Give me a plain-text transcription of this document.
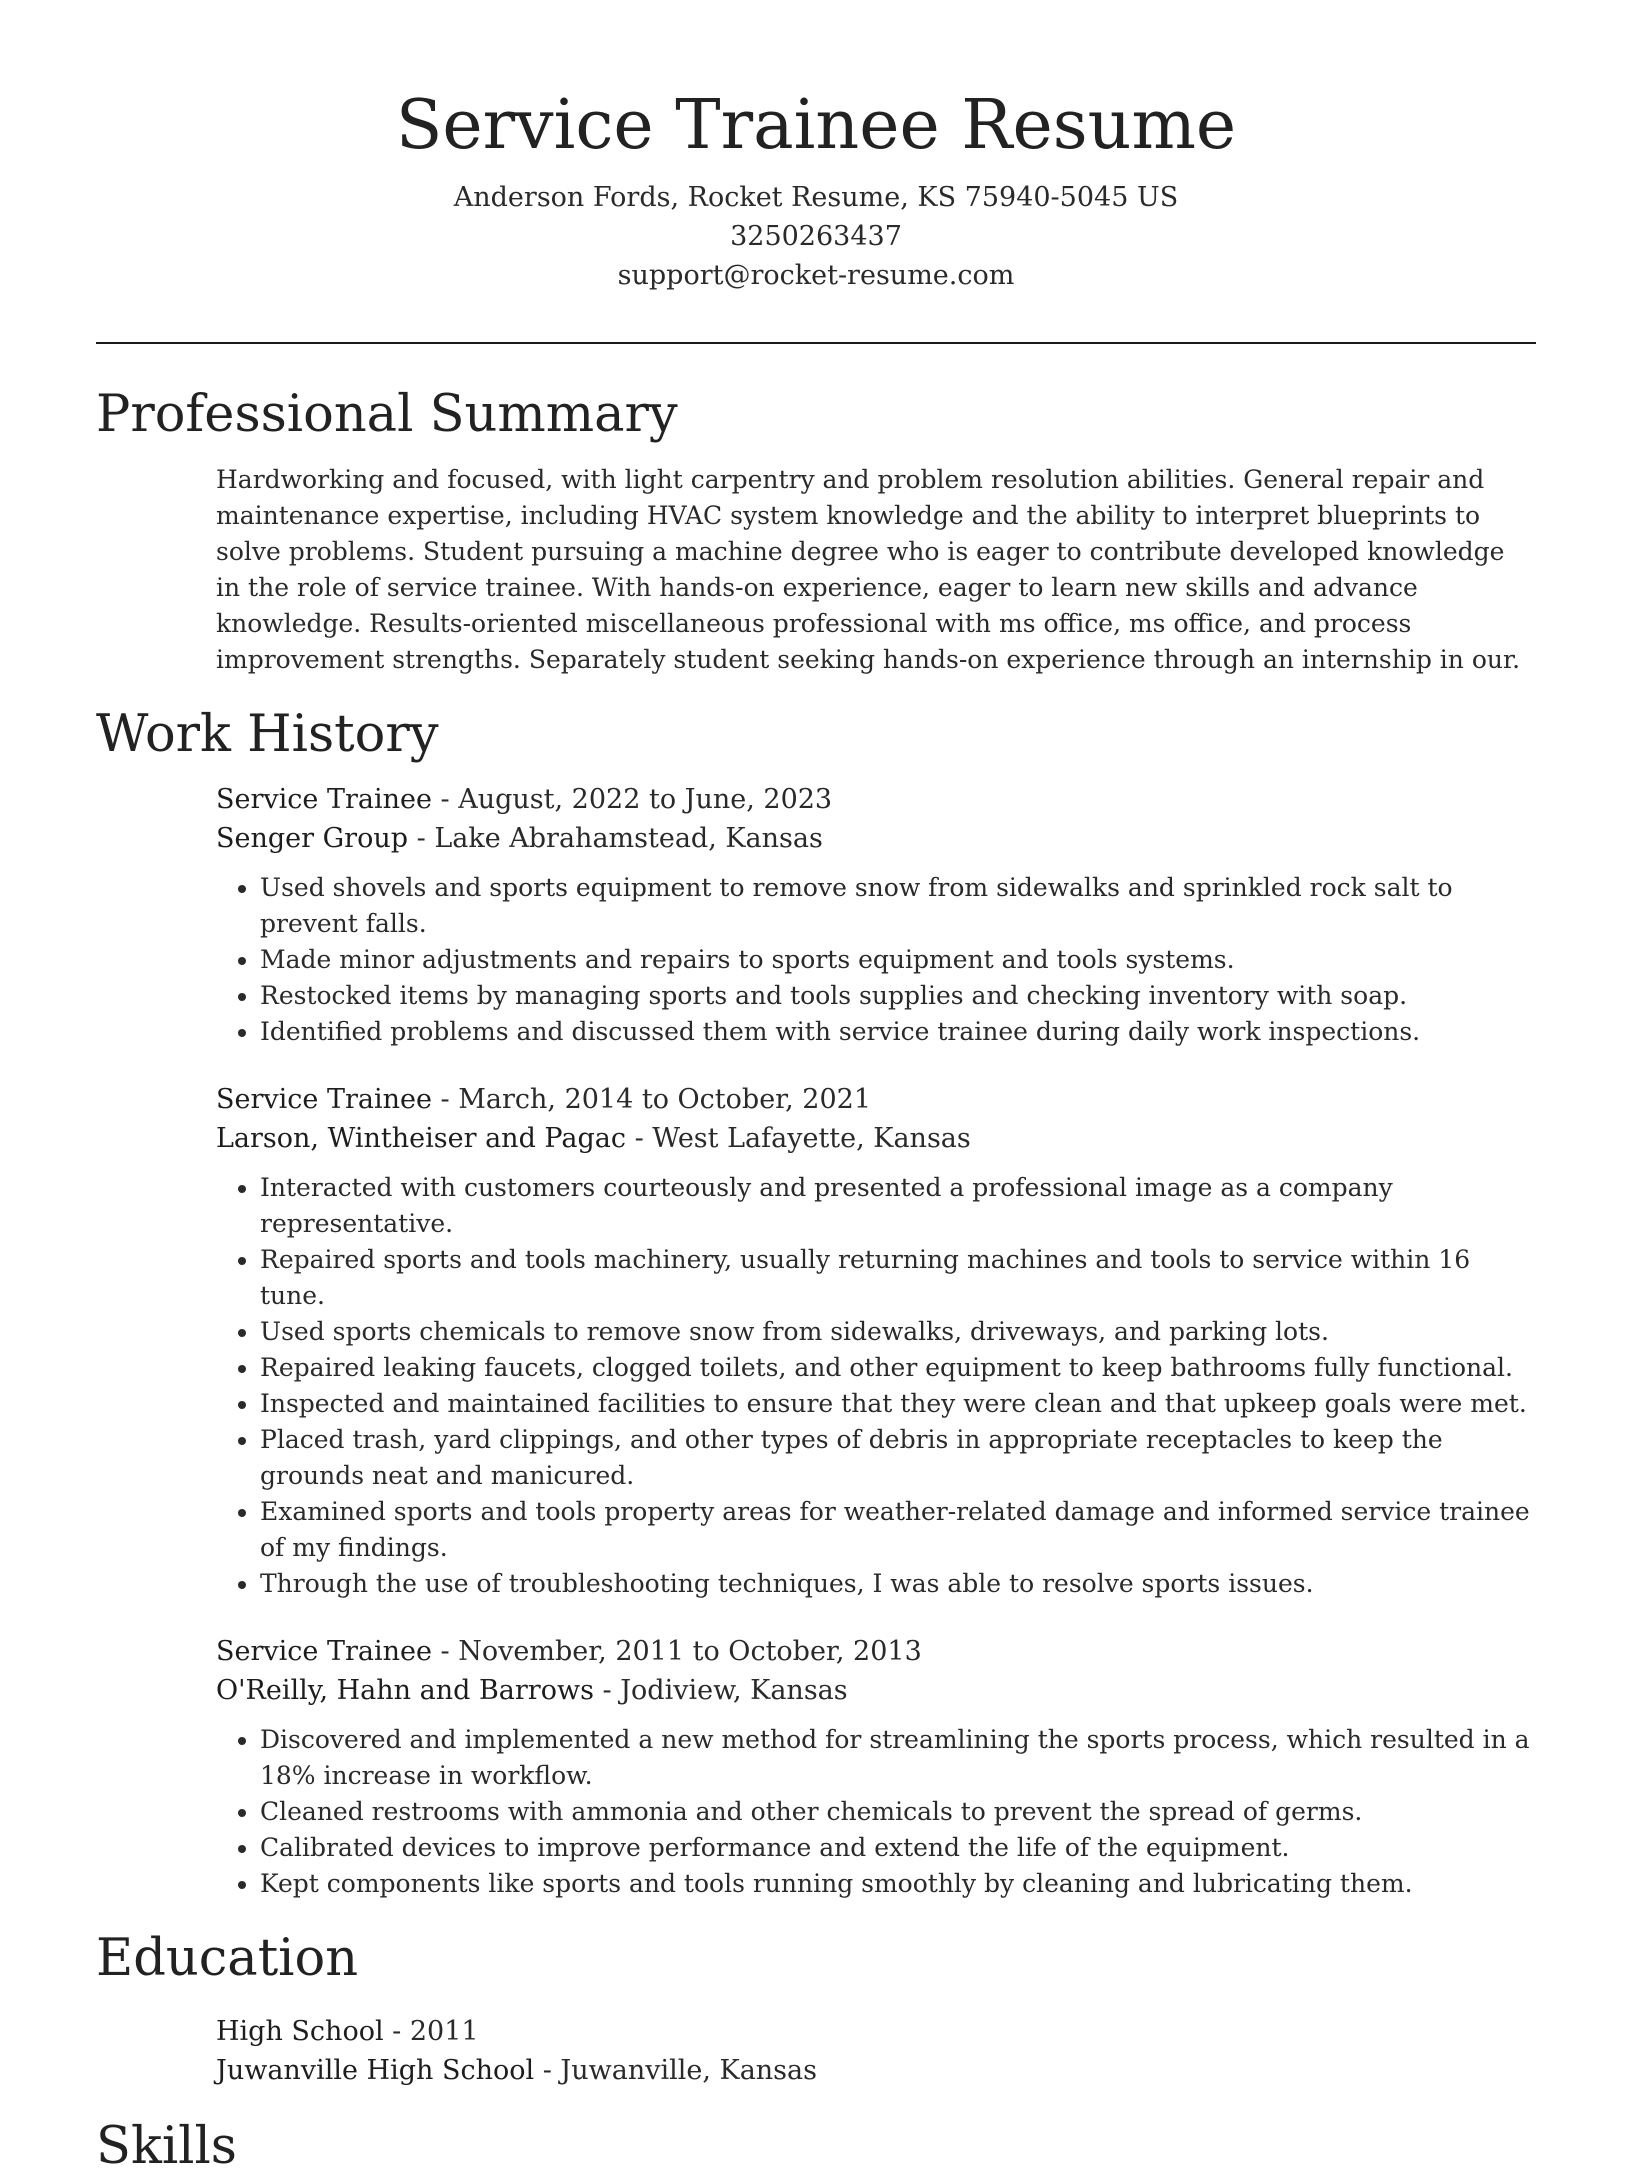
Service Trainee Resume
Anderson Fords, Rocket Resume, KS 75940-5045 US
3250263437
support@rocket-resume.com
Professional Summary

Hardworking and focused, with light carpentry and problem resolution abilities. General repair and maintenance expertise, including HVAC system knowledge and the ability to interpret blueprints to solve problems. Student pursuing a machine degree who is eager to contribute developed knowledge in the role of service trainee. With hands-on experience, eager to learn new skills and advance knowledge. Results-oriented miscellaneous professional with ms office, ms office, and process improvement strengths. Separately student seeking hands-on experience through an internship in our.

Work History
Service Trainee - August, 2022 to June, 2023
Senger Group - Lake Abrahamstead, Kansas
• Used shovels and sports equipment to remove snow from sidewalks and sprinkled rock salt to prevent falls.
• Made minor adjustments and repairs to sports equipment and tools systems.
• Restocked items by managing sports and tools supplies and checking inventory with soap.
• Identified problems and discussed them with service trainee during daily work inspections.
Service Trainee - March, 2014 to October, 2021
Larson, Wintheiser and Pagac - West Lafayette, Kansas
• Interacted with customers courteously and presented a professional image as a company representative.
• Repaired sports and tools machinery, usually returning machines and tools to service within 16 tune.
• Used sports chemicals to remove snow from sidewalks, driveways, and parking lots.
• Repaired leaking faucets, clogged toilets, and other equipment to keep bathrooms fully functional.
• Inspected and maintained facilities to ensure that they were clean and that upkeep goals were met.
• Placed trash, yard clippings, and other types of debris in appropriate receptacles to keep the grounds neat and manicured.
• Examined sports and tools property areas for weather-related damage and informed service trainee of my findings.
• Through the use of troubleshooting techniques, I was able to resolve sports issues.
Service Trainee - November, 2011 to October, 2013
O'Reilly, Hahn and Barrows - Jodiview, Kansas
• Discovered and implemented a new method for streamlining the sports process, which resulted in a 18% increase in workflow.
• Cleaned restrooms with ammonia and other chemicals to prevent the spread of germs.
• Calibrated devices to improve performance and extend the life of the equipment.
• Kept components like sports and tools running smoothly by cleaning and lubricating them.
Education
High School - 2011
Juwanville High School - Juwanville, Kansas
Skills
